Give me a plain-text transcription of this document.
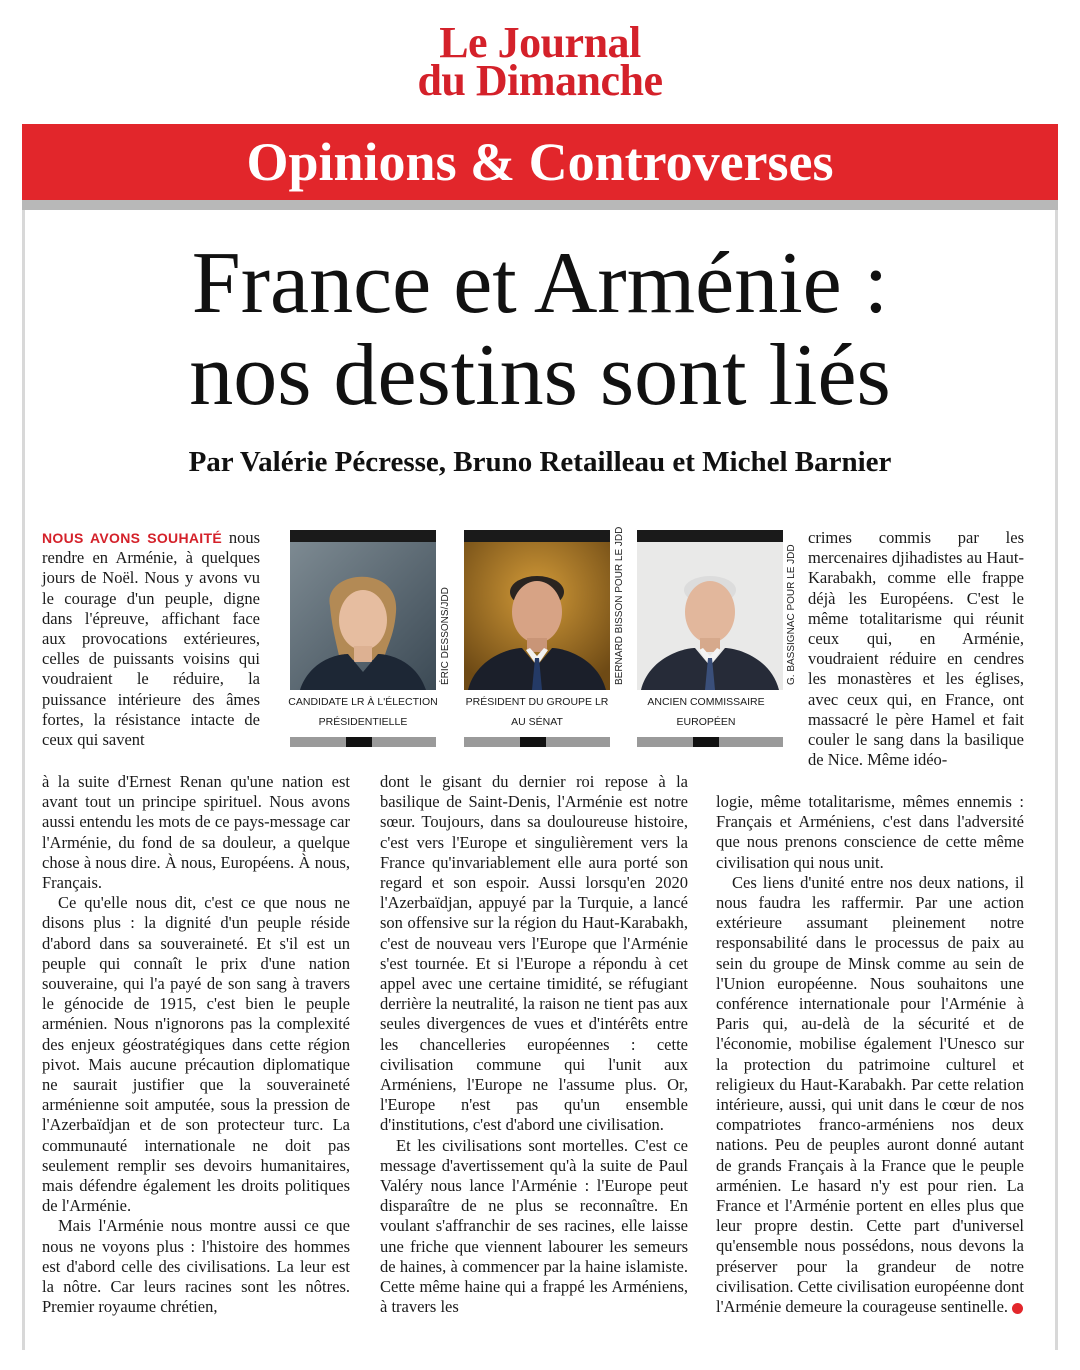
Le Journal
du Dimanche
Opinions & Controverses
France et Arménie :
nos destins sont liés
Par Valérie Pécresse, Bruno Retailleau et Michel Barnier
ÉRIC DESSONS/JDD	BERNARD BISSON POUR LE JDD	G. BASSIGNAC POUR LE JDD
CANDIDATE LR À L'ÉLECTION
PRÉSIDENTIELLE
PRÉSIDENT DU GROUPE LR
AU SÉNAT
ANCIEN COMMISSAIRE
EUROPÉEN

NOUS AVONS SOUHAITÉ nous rendre en Arménie, à quelques jours de Noël. Nous y avons vu le courage d'un peuple, digne dans l'épreuve, affichant face aux provocations extérieures, celles de puissants voisins qui voudraient le réduire, la puissance intérieure des âmes fortes, la résistance intacte de ceux qui savent

à la suite d'Ernest Renan qu'une nation est avant tout un principe spirituel. Nous avons aussi entendu les mots de ce pays-message car l'Arménie, du fond de sa douleur, a quelque chose à nous dire. À nous, Européens. À nous, Français.

Ce qu'elle nous dit, c'est ce que nous ne disons plus : la dignité d'un peuple réside d'abord dans sa souveraineté. Et s'il est un peuple qui connaît le prix d'une nation souveraine, qui l'a payé de son sang à travers le génocide de 1915, c'est bien le peuple arménien. Nous n'ignorons pas la complexité des enjeux géostratégiques dans cette région pivot. Mais aucune précaution diplomatique ne saurait justifier que la souveraineté arménienne soit amputée, sous la pression de l'Azerbaïdjan et de son protecteur turc. La communauté internationale ne doit pas seulement remplir ses devoirs humanitaires, mais défendre également les droits politiques de l'Arménie.

Mais l'Arménie nous montre aussi ce que nous ne voyons plus : l'histoire des hommes est d'abord celle des civilisations. La leur est la nôtre. Car leurs racines sont les nôtres. Premier royaume chrétien,

dont le gisant du dernier roi repose à la basilique de Saint-Denis, l'Arménie est notre sœur. Toujours, dans sa douloureuse histoire, c'est vers l'Europe et singulièrement vers la France qu'invariablement elle aura porté son regard et son espoir. Aussi lorsqu'en 2020 l'Azerbaïdjan, appuyé par la Turquie, a lancé son offensive sur la région du Haut-Karabakh, c'est de nouveau vers l'Europe que l'Arménie s'est tournée. Et si l'Europe a répondu à cet appel avec une certaine timidité, se réfugiant derrière la neutralité, la raison ne tient pas aux seules divergences de vues et d'intérêts entre les chancelleries européennes : cette civilisation commune qui l'unit aux Arméniens, l'Europe ne l'assume plus. Or, l'Europe n'est pas qu'un ensemble d'institutions, c'est d'abord une civilisation.

Et les civilisations sont mortelles. C'est ce message d'avertissement qu'à la suite de Paul Valéry nous lance l'Arménie : l'Europe peut disparaître de ne plus se reconnaître. En voulant s'affranchir de ses racines, elle laisse une friche que viennent labourer les semeurs de haines, à commencer par la haine islamiste. Cette même haine qui a frappé les Arméniens, à travers les

crimes commis par les mercenaires djihadistes au Haut-Karabakh, comme elle frappe déjà les Européens. C'est le même totalitarisme qui réunit ceux qui, en Arménie, voudraient réduire en cendres les monastères et les églises, avec ceux qui, en France, ont massacré le père Hamel et fait couler le sang dans la basilique de Nice. Même idéo-

logie, même totalitarisme, mêmes ennemis : Français et Arméniens, c'est dans l'adversité que nous prenons conscience de cette même civilisation qui nous unit.

Ces liens d'unité entre nos deux nations, il nous faudra les raffermir. Par une action extérieure assumant pleinement notre responsabilité dans le processus de paix au sein du groupe de Minsk comme au sein de l'Union européenne. Nous souhaitons une conférence internationale pour l'Arménie à Paris qui, au-delà de la sécurité et de l'économie, mobilise également l'Unesco sur la protection du patrimoine culturel et religieux du Haut-Karabakh. Par cette relation intérieure, aussi, qui unit dans le cœur de nos compatriotes franco-arméniens nos deux nations. Peu de peuples auront donné autant de grands Français à la France que le peuple arménien. Le hasard n'y est pour rien. La France et l'Arménie portent en elles plus que leur propre destin. Cette part d'universel qu'ensemble nous possédons, nous devons la préserver pour la grandeur de notre civilisation. Cette civilisation européenne dont l'Arménie demeure la courageuse sentinelle.
